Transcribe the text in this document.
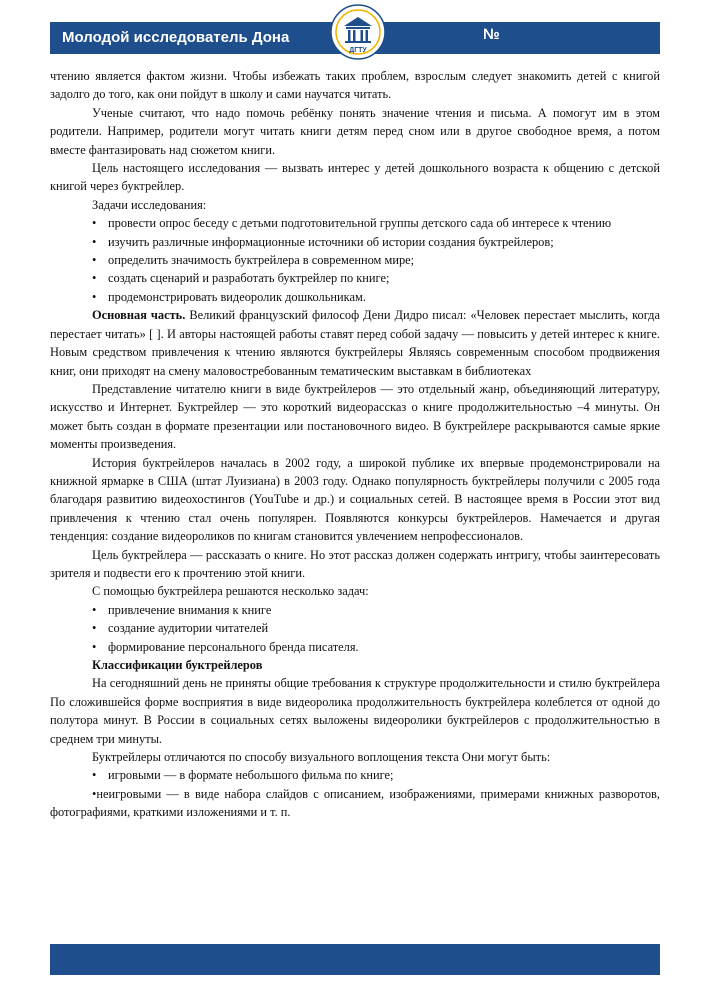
Молодой исследователь Дона	№
ДГТУ

чтению является фактом жизни. Чтобы избежать таких проблем, взрослым следует знакомить детей с книгой задолго до того, как они пойдут в школу и сами научатся читать.

Ученые считают, что надо помочь ребёнку понять значение чтения и письма. А помогут им в этом родители. Например, родители могут читать книги детям перед сном или в другое свободное время, а потом вместе фантазировать над сюжетом книги.

Цель настоящего исследования — вызвать интерес у детей дошкольного возраста к общению с детской книгой через буктрейлер.

Задачи исследования:

• провести опрос беседу с детьми подготовительной группы детского сада об интересе к чтению

• изучить различные информационные источники об истории создания буктрейлеров;

• определить значимость буктрейлера в современном мире;

• создать сценарий и разработать буктрейлер по книге;

• продемонстрировать видеоролик дошкольникам.

Основная часть. Великий французский философ Дени Дидро писал: «Человек перестает мыслить, когда перестает читать» [ ]. И авторы настоящей работы ставят перед собой задачу — повысить у детей интерес к книге. Новым средством привлечения к чтению являются буктрейлеры Являясь современным способом продвижения книг, они приходят на смену маловостребованным тематическим выставкам в библиотеках

Представление читателю книги в виде буктрейлеров — это отдельный жанр, объединяющий литературу, искусство и Интернет. Буктрейлер — это короткий видеорассказ о книге продолжительностью –4 минуты. Он может быть создан в формате презентации или постановочного видео. В буктрейлере раскрываются самые яркие моменты произведения.

История буктрейлеров началась в 2002 году, а широкой публике их впервые продемонстрировали на книжной ярмарке в США (штат Луизиана) в 2003 году. Однако популярность буктрейлеры получили с 2005 года благодаря развитию видеохостингов (YouTube и др.) и социальных сетей. В настоящее время в России этот вид привлечения к чтению стал очень популярен. Появляются конкурсы буктрейлеров. Намечается и другая тенденция: создание видеороликов по книгам становится увлечением непрофессионалов.

Цель буктрейлера — рассказать о книге. Но этот рассказ должен содержать интригу, чтобы заинтересовать зрителя и подвести его к прочтению этой книги.

С помощью буктрейлера решаются несколько задач:

• привлечение внимания к книге

• создание аудитории читателей

• формирование персонального бренда писателя.

Классификации буктрейлеров

На сегодняшний день не приняты общие требования к структуре продолжительности и стилю буктрейлера По сложившейся форме восприятия в виде видеоролика продолжительность буктрейлера колеблется от одной до полутора минут. В России в социальных сетях выложены видеоролики буктрейлеров с продолжительностью в среднем три минуты.

Буктрейлеры отличаются по способу визуального воплощения текста Они могут быть:

• игровыми — в формате небольшого фильма по книге;

•неигровыми — в виде набора слайдов с описанием, изображениями, примерами книжных разворотов, фотографиями, краткими изложениями и т. п.
